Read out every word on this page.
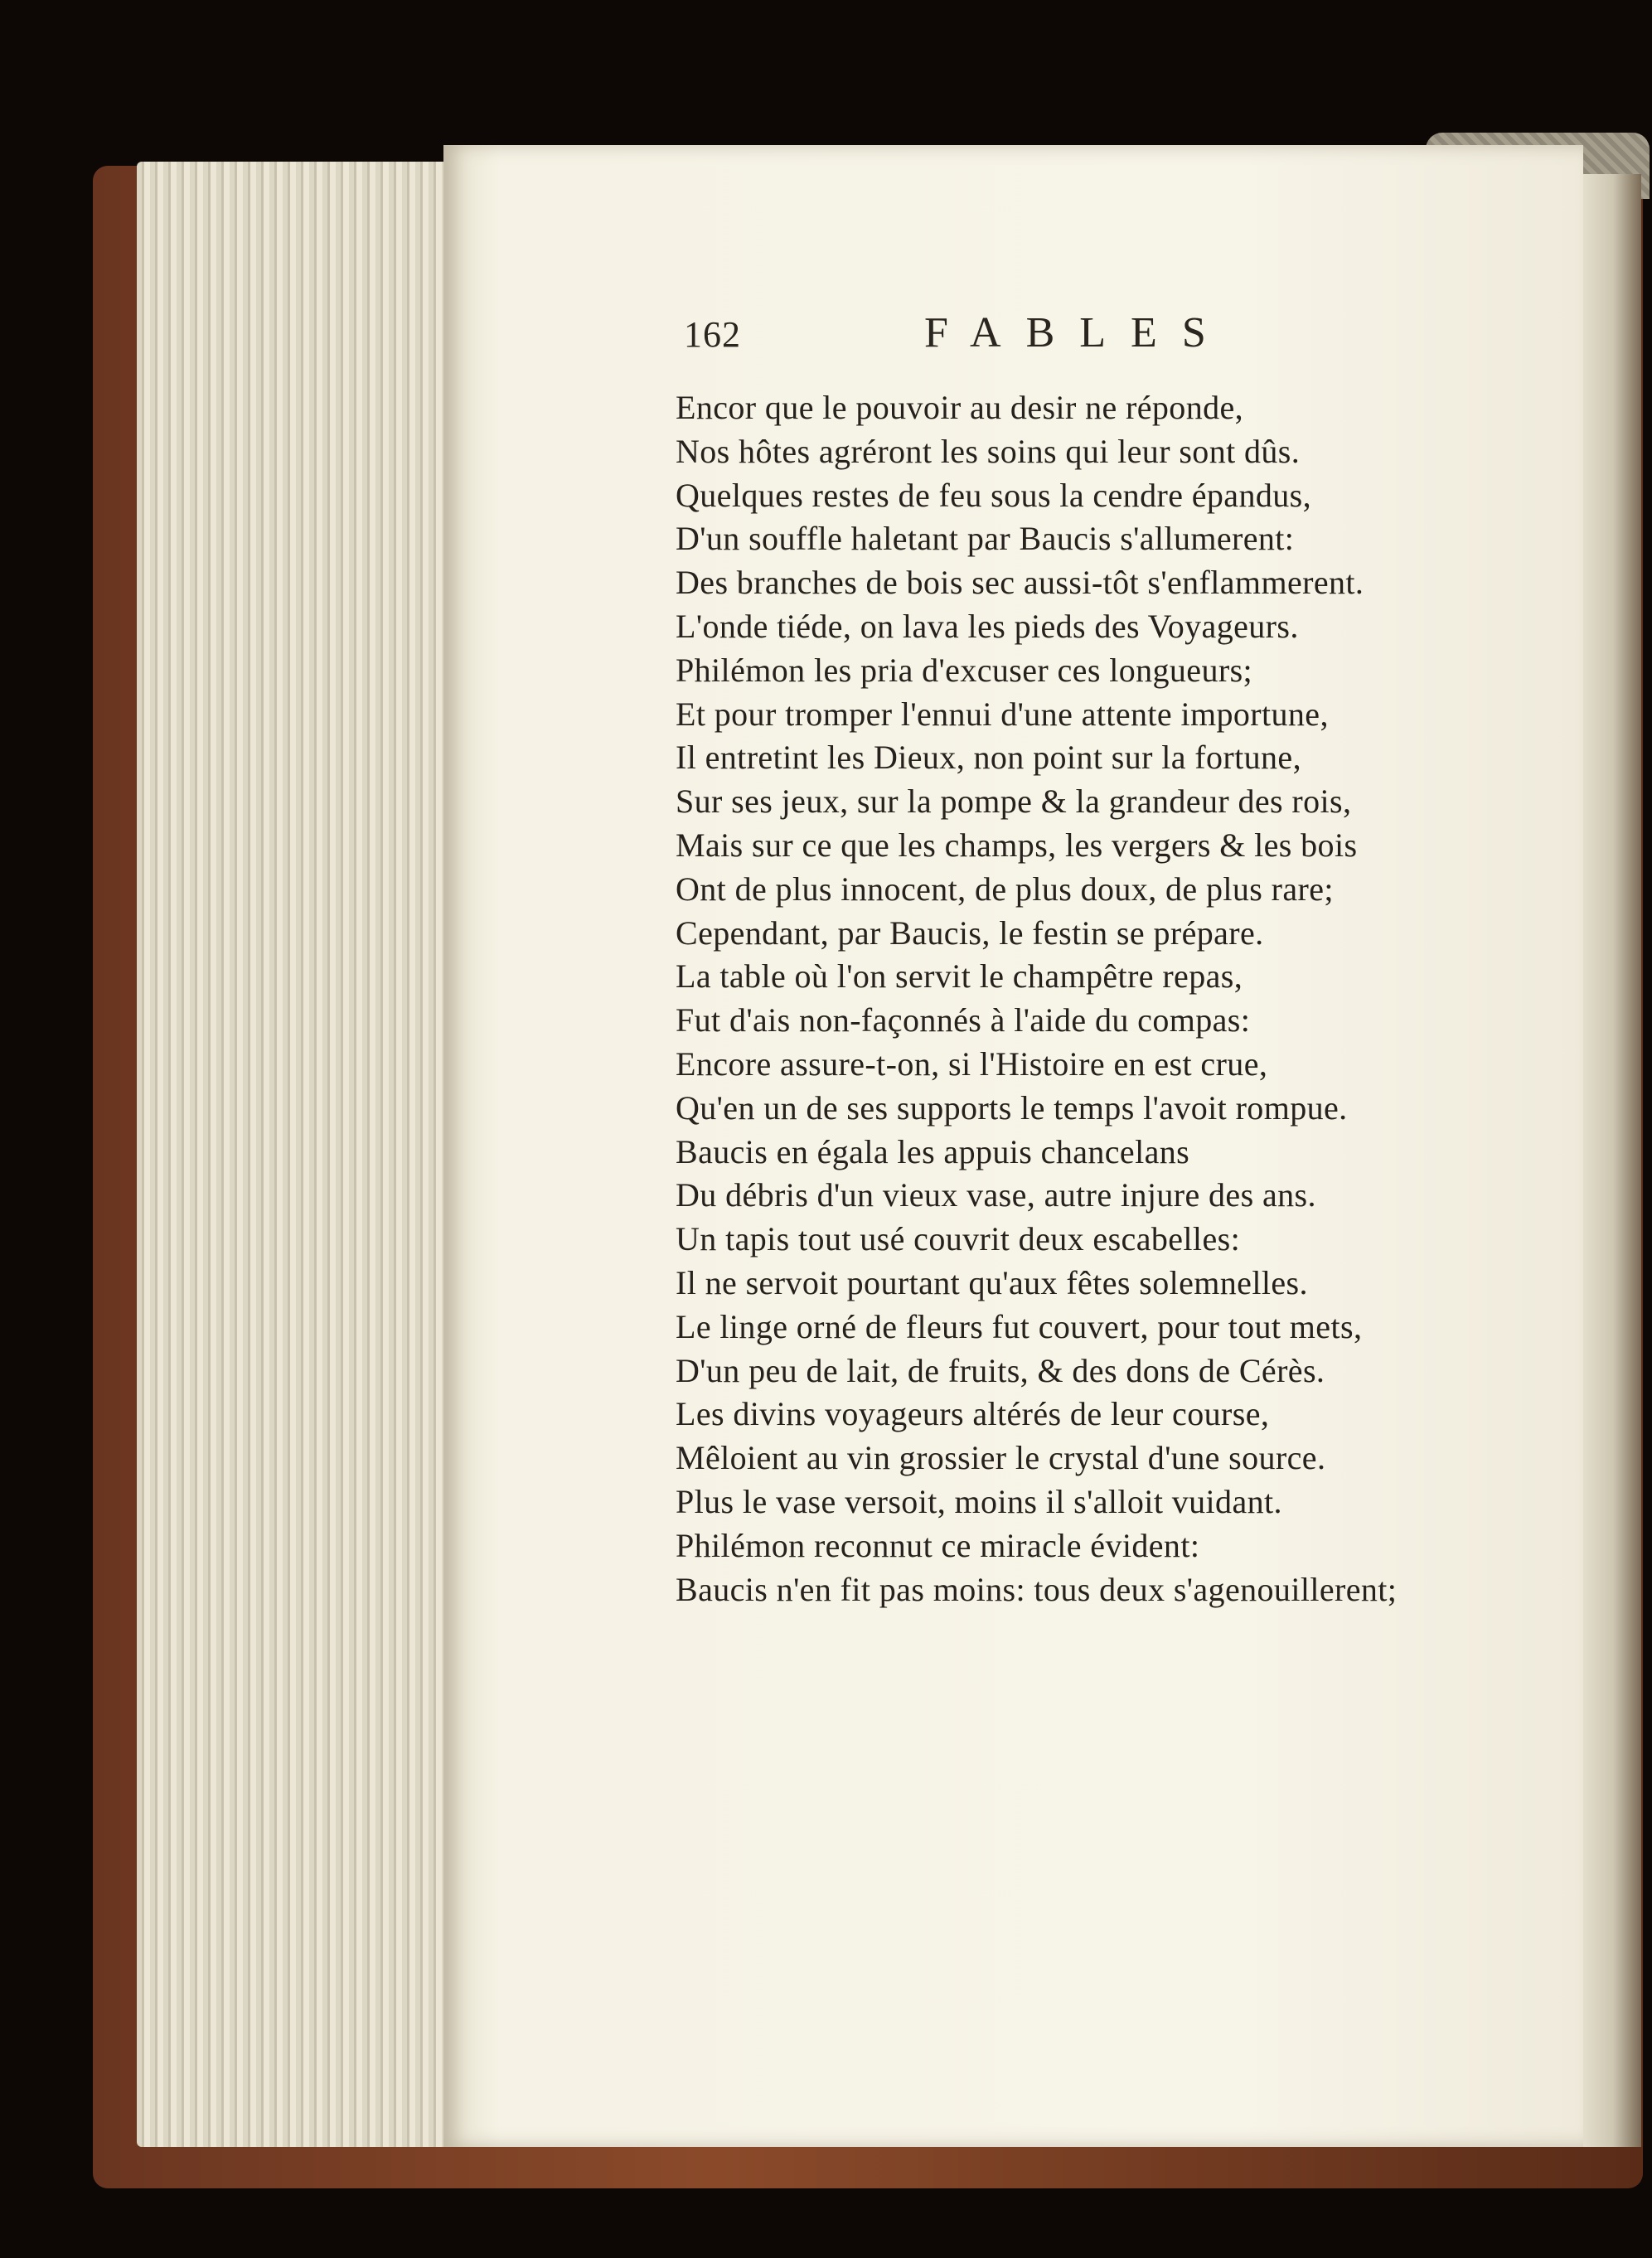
162	FABLES
Encor que le pouvoir au desir ne réponde,
Nos hôtes agréront les soins qui leur sont dûs.
Quelques restes de feu sous la cendre épandus,
D'un souffle haletant par Baucis s'allumerent:
Des branches de bois sec aussi-tôt s'enflammerent.
L'onde tiéde, on lava les pieds des Voyageurs.
Philémon les pria d'excuser ces longueurs;
Et pour tromper l'ennui d'une attente importune,
Il entretint les Dieux, non point sur la fortune,
Sur ses jeux, sur la pompe & la grandeur des rois,
Mais sur ce que les champs, les vergers & les bois
Ont de plus innocent, de plus doux, de plus rare;
Cependant, par Baucis, le festin se prépare.
La table où l'on servit le champêtre repas,
Fut d'ais non-façonnés à l'aide du compas:
Encore assure-t-on, si l'Histoire en est crue,
Qu'en un de ses supports le temps l'avoit rompue.
Baucis en égala les appuis chancelans
Du débris d'un vieux vase, autre injure des ans.
Un tapis tout usé couvrit deux escabelles:
Il ne servoit pourtant qu'aux fêtes solemnelles.
Le linge orné de fleurs fut couvert, pour tout mets,
D'un peu de lait, de fruits, & des dons de Cérès.
Les divins voyageurs altérés de leur course,
Mêloient au vin grossier le crystal d'une source.
Plus le vase versoit, moins il s'alloit vuidant.
Philémon reconnut ce miracle évident:
Baucis n'en fit pas moins: tous deux s'agenouillerent;
